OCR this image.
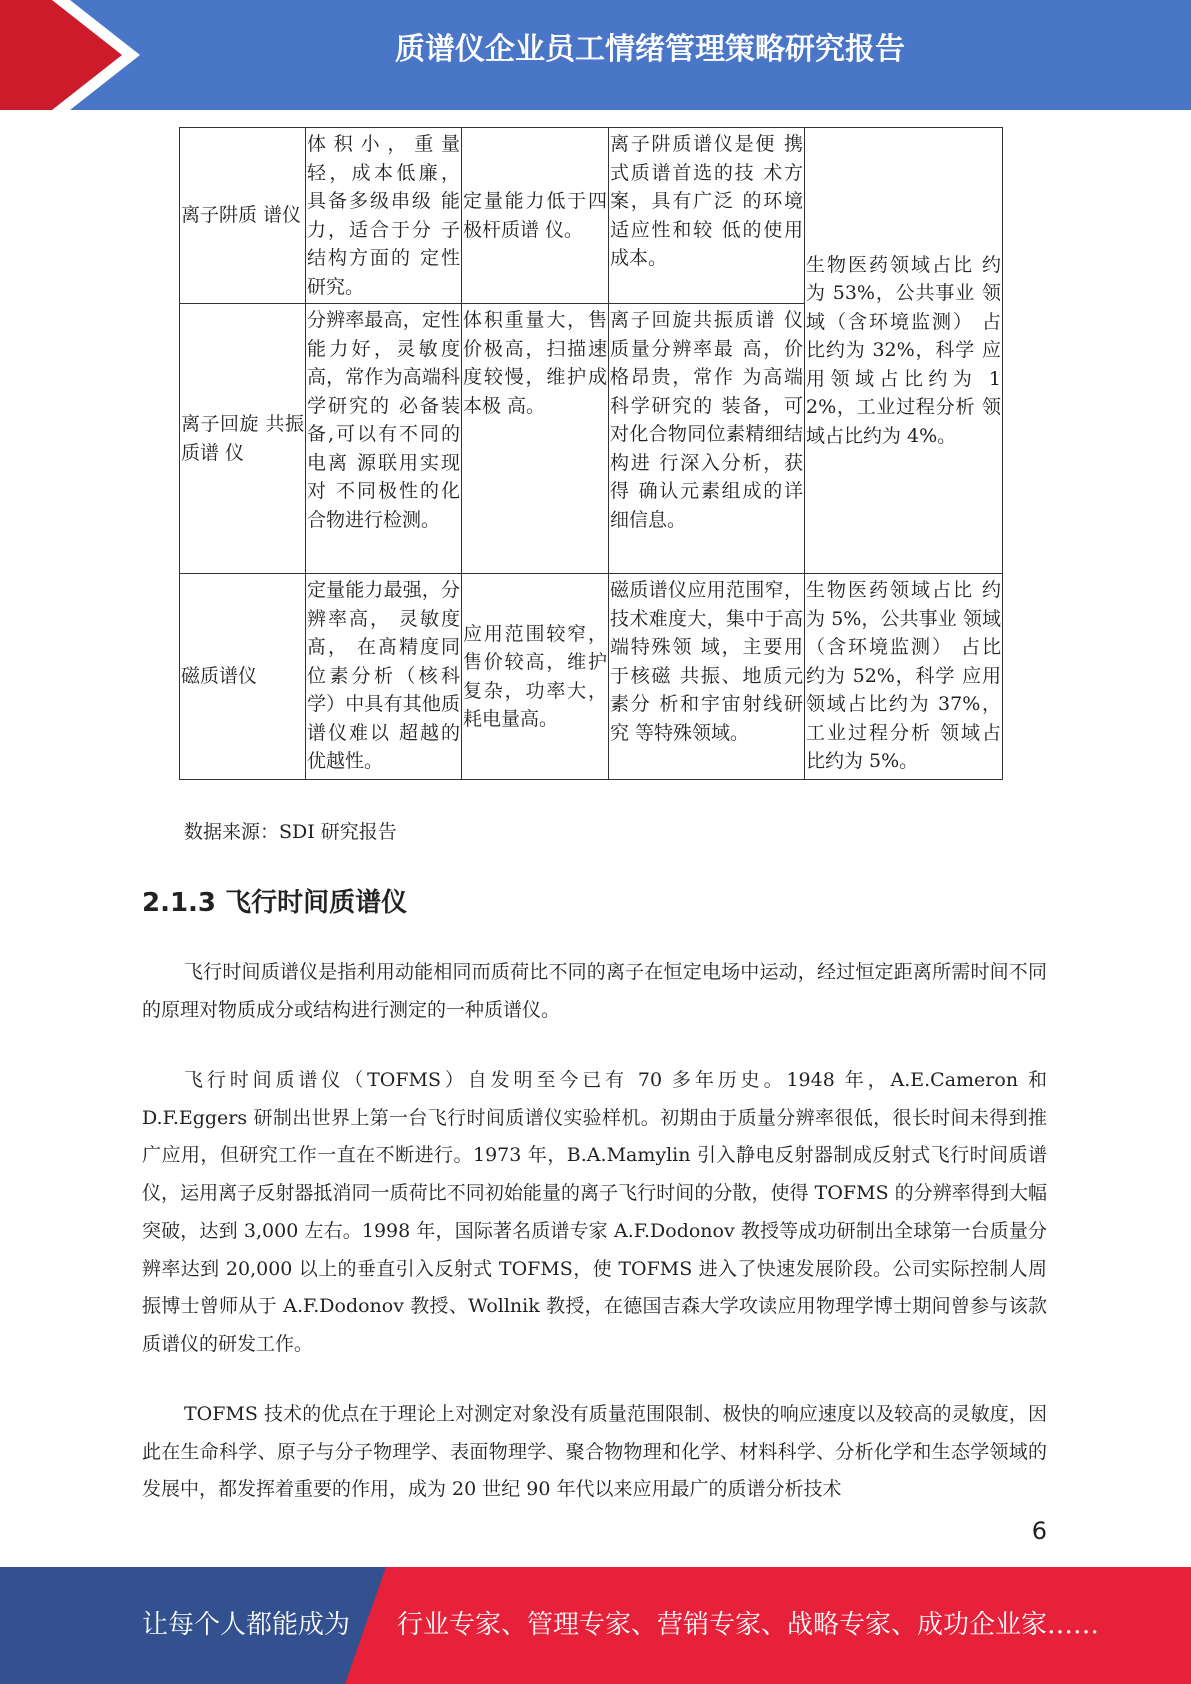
质谱仪企业员工情绪管理策略研究报告
离子阱质 谱仪	体积小，重量 轻，成本低廉， 具备多级串级 能力，适合于分 子结构方面的 定性研究。	定量能力低于四极杆质谱 仪。	离子阱质谱仪是便 携式质谱首选的技 术方案，具有广泛 的环境适应性和较 低的使用成本。	生物医药领域占比 约为 53%，公共事业 领域（含环境监测） 占比约为 32%，科学 应用领域占比约为 12%，工业过程分析 领域占比约为 4%。
离子回旋 共振质谱 仪	分辨率最高，定性能力好，灵敏度高，常作为高端科学研究的 必备装备,可以有不同的电离 源联用实现对 不同极性的化 合物进行检测。	体积重量大，售价极高，扫描速度较慢，维护成本极 高。	离子回旋共振质谱 仪质量分辨率最 高，价格昂贵，常作 为高端科学研究的 装备，可对化合物同位素精细结构进 行深入分析，获得 确认元素组成的详 细信息。	
磁质谱仪	定量能力最强，分辨率高， 灵敏度髙， 在髙精度同位素分析（核科学）中具有其他质谱仪难以 超越的优越性。	应用范围较窄，售价较高，维护复杂，功率大，耗电量高。	磁质谱仪应用范围窄，技术难度大，集中于高端特殊领 域，主要用于核磁 共振、地质元素分 析和宇宙射线研究 等特殊领域。	生物医药领域占比 约为 5%，公共事业 领域（含环境监测） 占比约为 52%，科学 应用领域占比约为 37%，工业过程分析 领域占比约为 5%。
数据来源：SDI 研究报告
2.1.3 飞行时间质谱仪

飞行时间质谱仪是指利用动能相同而质荷比不同的离子在恒定电场中运动，经过恒定距离所需时间不同的原理对物质成分或结构进行测定的一种质谱仪。

飞行时间质谱仪（TOFMS）自发明至今已有 70 多年历史。1948 年，A.E.Cameron 和 D.F.Eggers 研制出世界上第一台飞行时间质谱仪实验样机。初期由于质量分辨率很低，很长时间未得到推广应用，但研究工作一直在不断进行。1973 年，B.A.Mamylin 引入静电反射器制成反射式飞行时间质谱仪，运用离子反射器抵消同一质荷比不同初始能量的离子飞行时间的分散，使得 TOFMS 的分辨率得到大幅突破，达到 3,000 左右。1998 年，国际著名质谱专家 A.F.Dodonov 教授等成功研制出全球第一台质量分辨率达到 20,000 以上的垂直引入反射式 TOFMS，使 TOFMS 进入了快速发展阶段。公司实际控制人周振博士曾师从于 A.F.Dodonov 教授、Wollnik 教授，在德国吉森大学攻读应用物理学博士期间曾参与该款质谱仪的研发工作。

TOFMS 技术的优点在于理论上对测定对象没有质量范围限制、极快的响应速度以及较高的灵敏度，因此在生命科学、原子与分子物理学、表面物理学、聚合物物理和化学、材料科学、分析化学和生态学领域的发展中，都发挥着重要的作用，成为 20 世纪 90 年代以来应用最广的质谱分析技术

6
让每个人都能成为 行业专家、管理专家、营销专家、战略专家、成功企业家……
